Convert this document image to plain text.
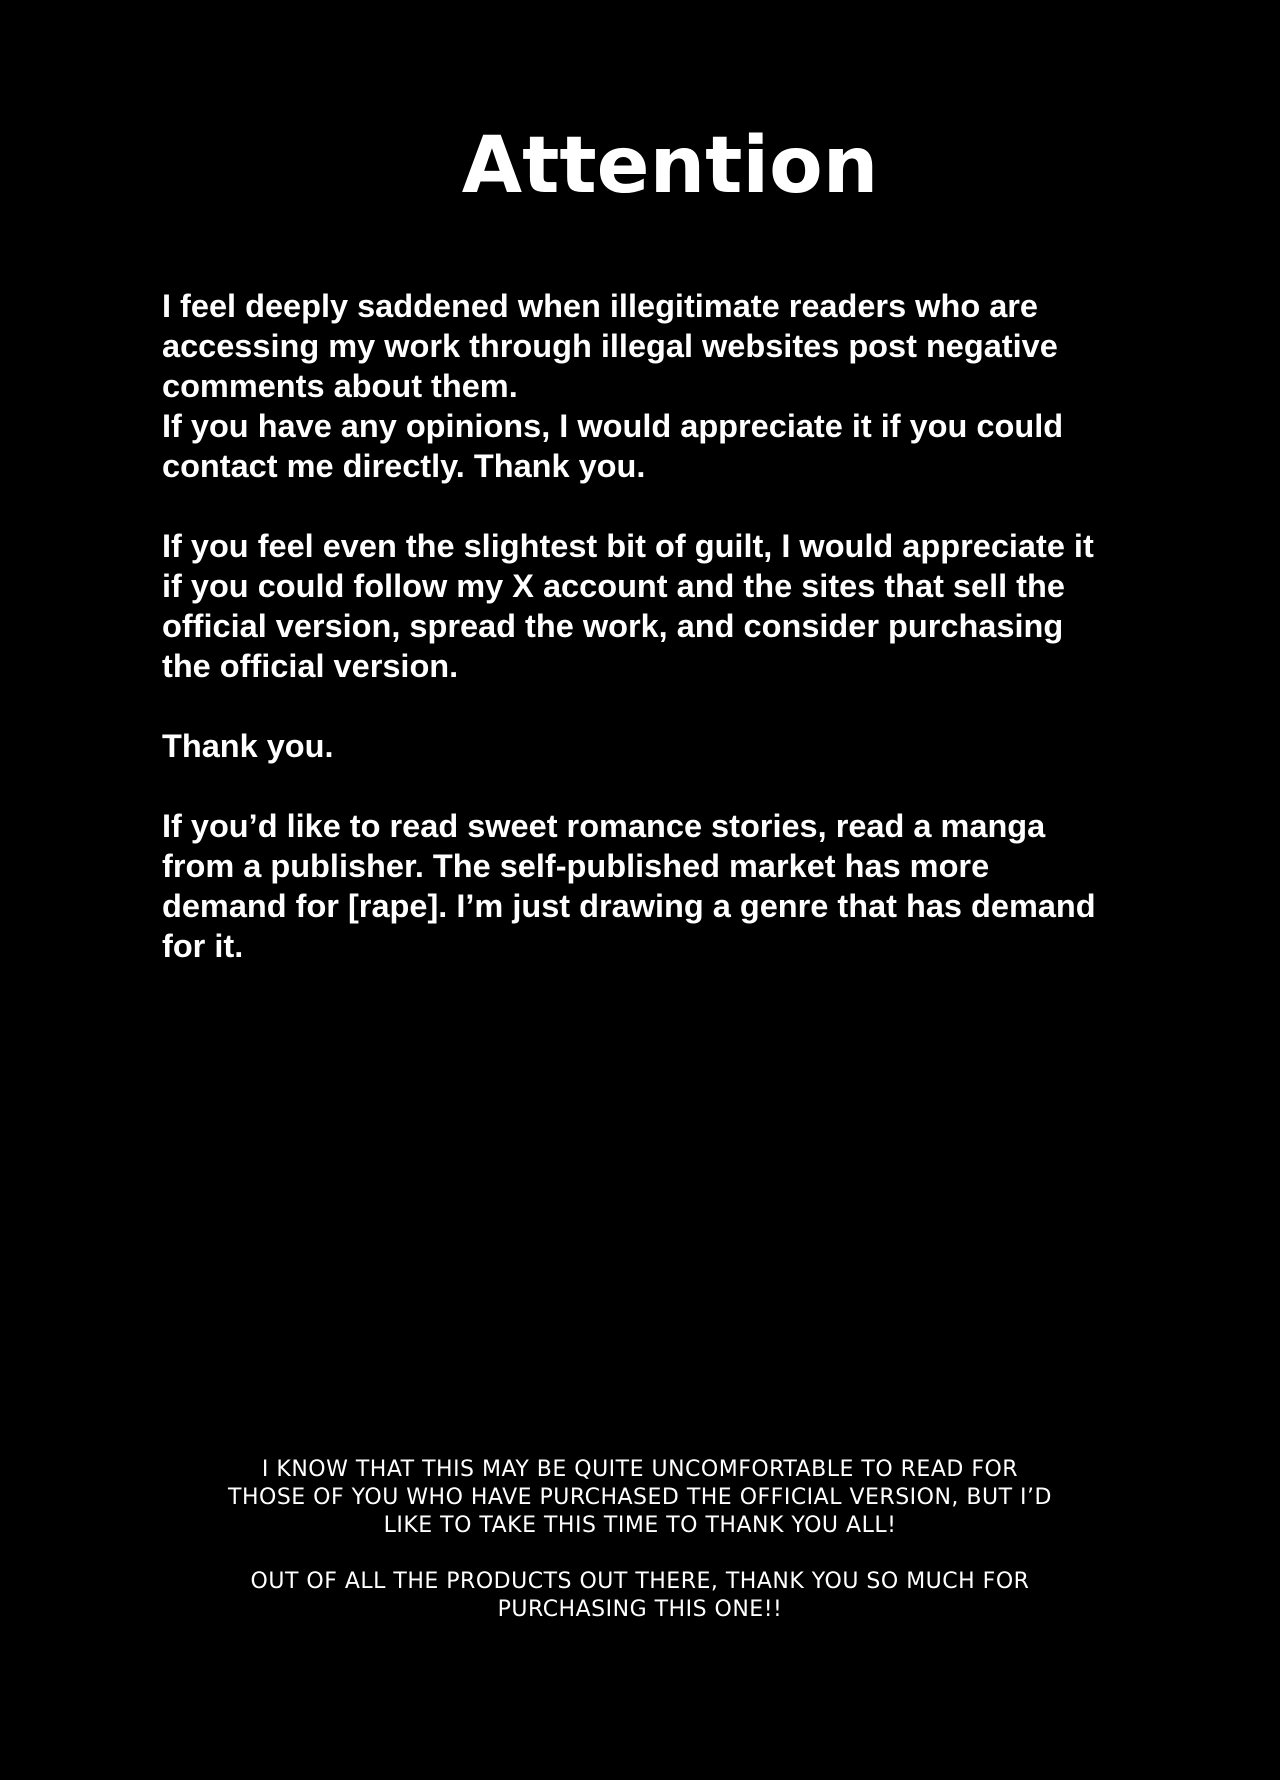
Attention

I feel deeply saddened when illegitimate readers who are
accessing my work through illegal websites post negative
comments about them.
If you have any opinions, I would appreciate it if you could
contact me directly. Thank you.

If you feel even the slightest bit of guilt, I would appreciate it
if you could follow my X account and the sites that sell the
official version, spread the work, and consider purchasing
the official version.

Thank you.

If you’d like to read sweet romance stories, read a manga
from a publisher. The self-published market has more
demand for [rape]. I’m just drawing a genre that has demand
for it.

I KNOW THAT THIS MAY BE QUITE UNCOMFORTABLE TO READ FOR
THOSE OF YOU WHO HAVE PURCHASED THE OFFICIAL VERSION, BUT I’D
LIKE TO TAKE THIS TIME TO THANK YOU ALL!

OUT OF ALL THE PRODUCTS OUT THERE, THANK YOU SO MUCH FOR
PURCHASING THIS ONE!!
